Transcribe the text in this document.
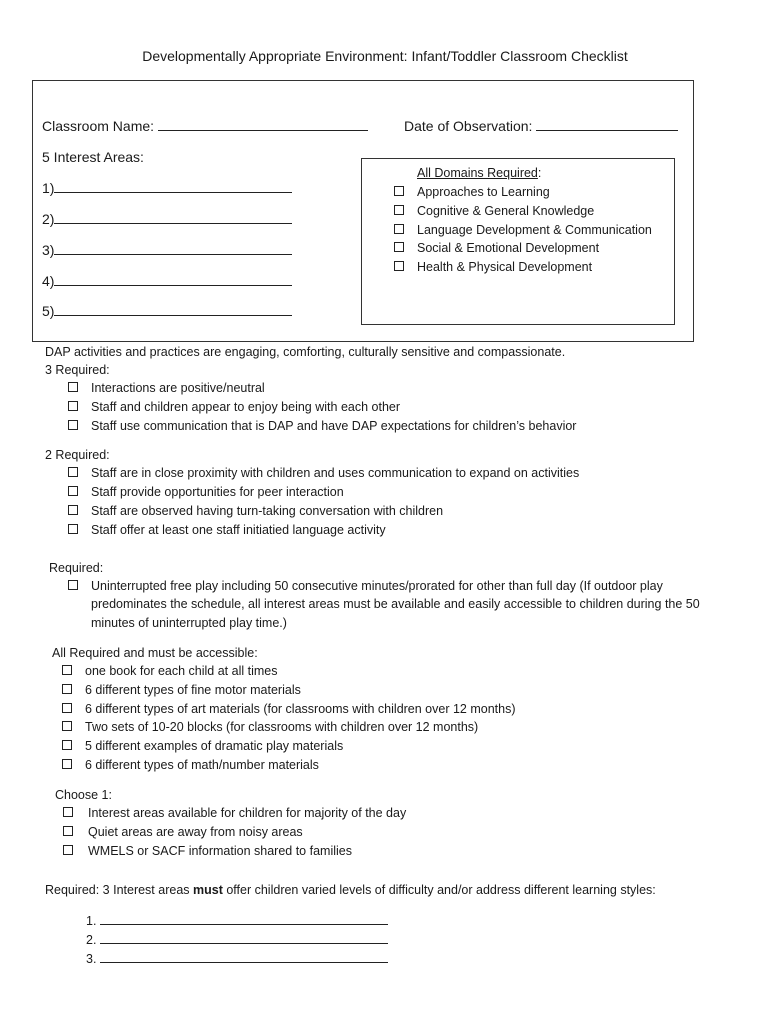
Developmentally Appropriate Environment: Infant/Toddler Classroom Checklist
Classroom Name:	Date of Observation:
5 Interest Areas:
1)
2)
3)
4)
5)
All Domains Required:
Approaches to Learning
Cognitive & General Knowledge
Language Development & Communication
Social & Emotional Development
Health & Physical Development
DAP activities and practices are engaging, comforting, culturally sensitive and compassionate.
3 Required:
Interactions are positive/neutral
Staff and children appear to enjoy being with each other
Staff use communication that is DAP and have DAP expectations for children’s behavior
2 Required:
Staff are in close proximity with children and uses communication to expand on activities
Staff provide opportunities for peer interaction
Staff are observed having turn-taking conversation with children
Staff offer at least one staff initiatied language activity
Required:
Uninterrupted free play including 50 consecutive minutes/prorated for other than full day (If outdoor play
predominates the schedule, all interest areas must be available and easily accessible to children during the 50
minutes of uninterrupted play time.)
All Required and must be accessible:
one book for each child at all times
6 different types of fine motor materials
6 different types of art materials (for classrooms with children over 12 months)
Two sets of 10-20 blocks (for classrooms with children over 12 months)
5 different examples of dramatic play materials
6 different types of math/number materials
Choose 1:
Interest areas available for children for majority of the day
Quiet areas are away from noisy areas
WMELS or SACF information shared to families
Required: 3 Interest areas must offer children varied levels of difficulty and/or address different learning styles:
1.
2.
3.
